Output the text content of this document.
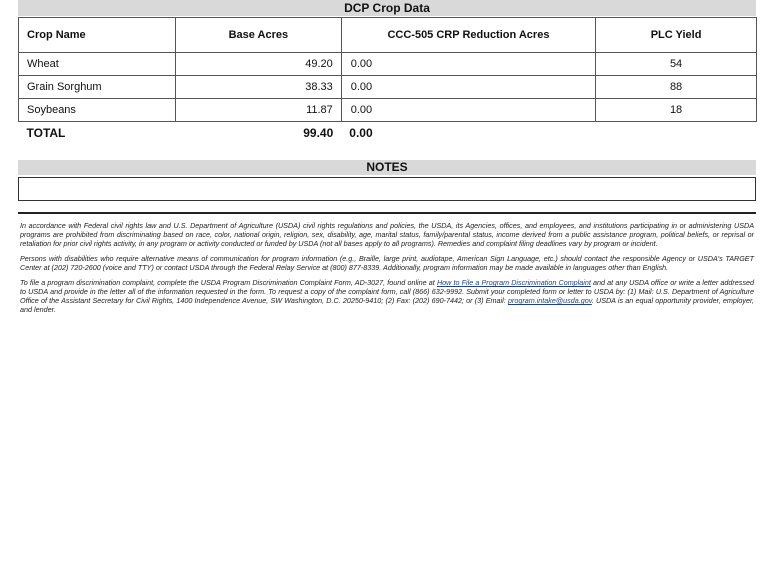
DCP Crop Data
Crop Name	Base Acres	CCC-505 CRP Reduction Acres	PLC Yield
Wheat	49.20	0.00	54
Grain Sorghum	38.33	0.00	88
Soybeans	11.87	0.00	18
TOTAL	99.40	0.00	
NOTES

In accordance with Federal civil rights law and U.S. Department of Agriculture (USDA) civil rights regulations and policies, the USDA, its Agencies, offices, and employees, and institutions participating in or administering USDA programs are prohibited from discriminating based on race, color, national origin, religion, sex, disability, age, marital status, family/parental status, income derived from a public assistance program, political beliefs, or reprisal or retaliation for prior civil rights activity, in any program or activity conducted or funded by USDA (not all bases apply to all programs). Remedies and complaint filing deadlines vary by program or incident.

Persons with disabilities who require alternative means of communication for program information (e.g., Braille, large print, audiotape, American Sign Language, etc.) should contact the responsible Agency or USDA's TARGET Center at (202) 720-2600 (voice and TTY) or contact USDA through the Federal Relay Service at (800) 877-8339. Additionally, program information may be made available in languages other than English.

To file a program discrimination complaint, complete the USDA Program Discrimination Complaint Form, AD-3027, found online at How to File a Program Discrimination Complaint and at any USDA office or write a letter addressed to USDA and provide in the letter all of the information requested in the form. To request a copy of the complaint form, call (866) 632-9992. Submit your completed form or letter to USDA by: (1) Mail: U.S. Department of Agriculture Office of the Assistant Secretary for Civil Rights, 1400 Independence Avenue, SW Washington, D.C. 20250-9410; (2) Fax: (202) 690-7442; or (3) Email: program.intake@usda.gov. USDA is an equal opportunity provider, employer, and lender.
